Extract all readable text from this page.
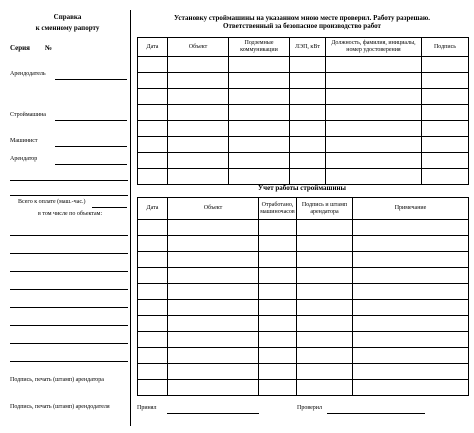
Справка
к сменному рапорту
Серия №
Арендодатель
Строймашина
Машинист
Арендатор
Всего к оплате (маш.-час.)
в том числе по объектам:
Подпись, печать (штамп) арендатора
Подпись, печать (штамп) арендодателя
Установку строймашины на указанном мною месте проверил. Работу разрешаю.
Ответственный за безопасное производство работ
Дата	Объект	Подземные коммуникации	ЛЭП, кВт	Должность, фамилия, инициалы, номер удостоверения	Подпись

Учет работы строймашины
Дата	Объект	Отработано, машиночасов	Подпись и штамп арендатора	Примечание

Принял	Проверил
